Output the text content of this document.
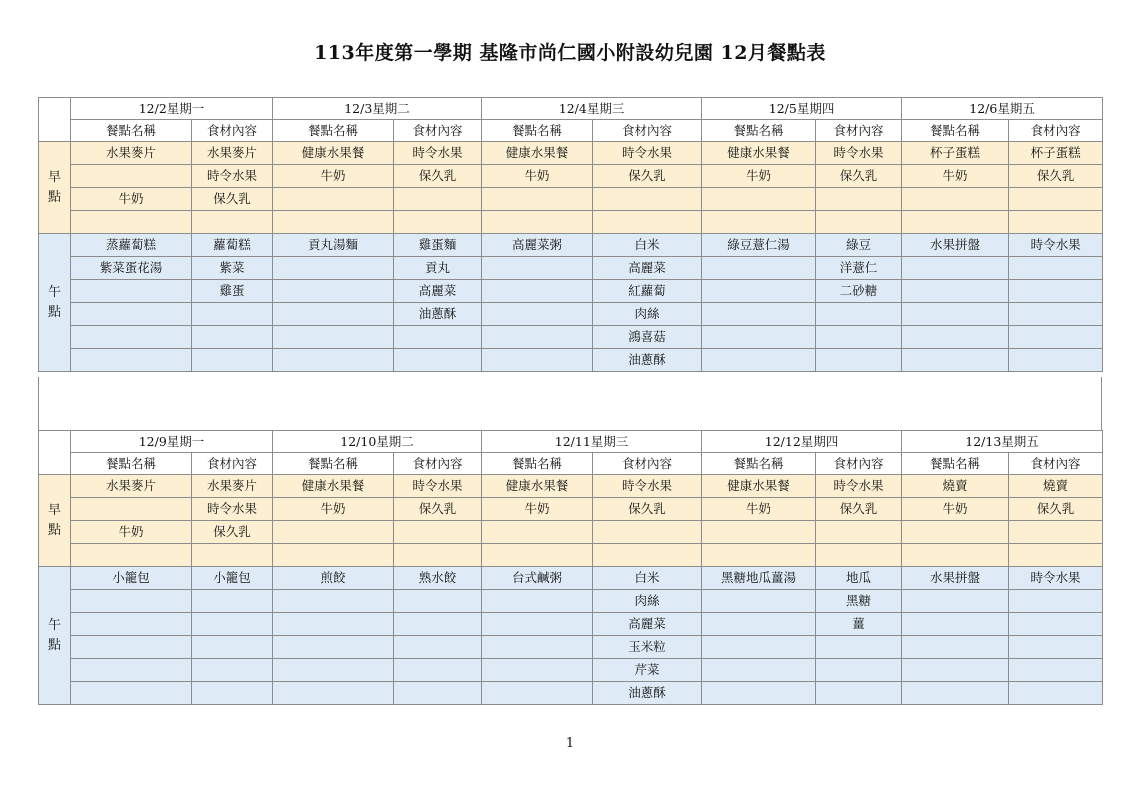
113年度第一學期 基隆市尚仁國小附設幼兒園 12月餐點表
	12/2星期一		12/3星期二		12/4星期三		12/5星期四		12/6星期五	
	餐點名稱	食材內容	餐點名稱	食材內容	餐點名稱	食材內容	餐點名稱	食材內容	餐點名稱	食材內容
早
點	水果麥片	水果麥片	健康水果餐	時令水果	健康水果餐	時令水果	健康水果餐	時令水果	杯子蛋糕	杯子蛋糕
		時令水果	牛奶	保久乳	牛奶	保久乳	牛奶	保久乳	牛奶	保久乳
	牛奶	保久乳								

午
點	蒸蘿蔔糕	蘿蔔糕	貢丸湯麵	雞蛋麵	高麗菜粥	白米	綠豆薏仁湯	綠豆	水果拼盤	時令水果
	紫菜蛋花湯	紫菜		貢丸		高麗菜		洋薏仁		
		雞蛋		高麗菜		紅蘿蔔		二砂糖		
				油蔥酥		肉絲				
						鴻喜菇				
						油蔥酥				
	12/9星期一		12/10星期二		12/11星期三		12/12星期四		12/13星期五	
	餐點名稱	食材內容	餐點名稱	食材內容	餐點名稱	食材內容	餐點名稱	食材內容	餐點名稱	食材內容
早
點	水果麥片	水果麥片	健康水果餐	時令水果	健康水果餐	時令水果	健康水果餐	時令水果	燒賣	燒賣
		時令水果	牛奶	保久乳	牛奶	保久乳	牛奶	保久乳	牛奶	保久乳
	牛奶	保久乳								

午
點	小籠包	小籠包	煎餃	熟水餃	台式鹹粥	白米	黑糖地瓜薑湯	地瓜	水果拼盤	時令水果
						肉絲		黑糖		
						高麗菜		薑		
						玉米粒				
						芹菜				
						油蔥酥				
1
